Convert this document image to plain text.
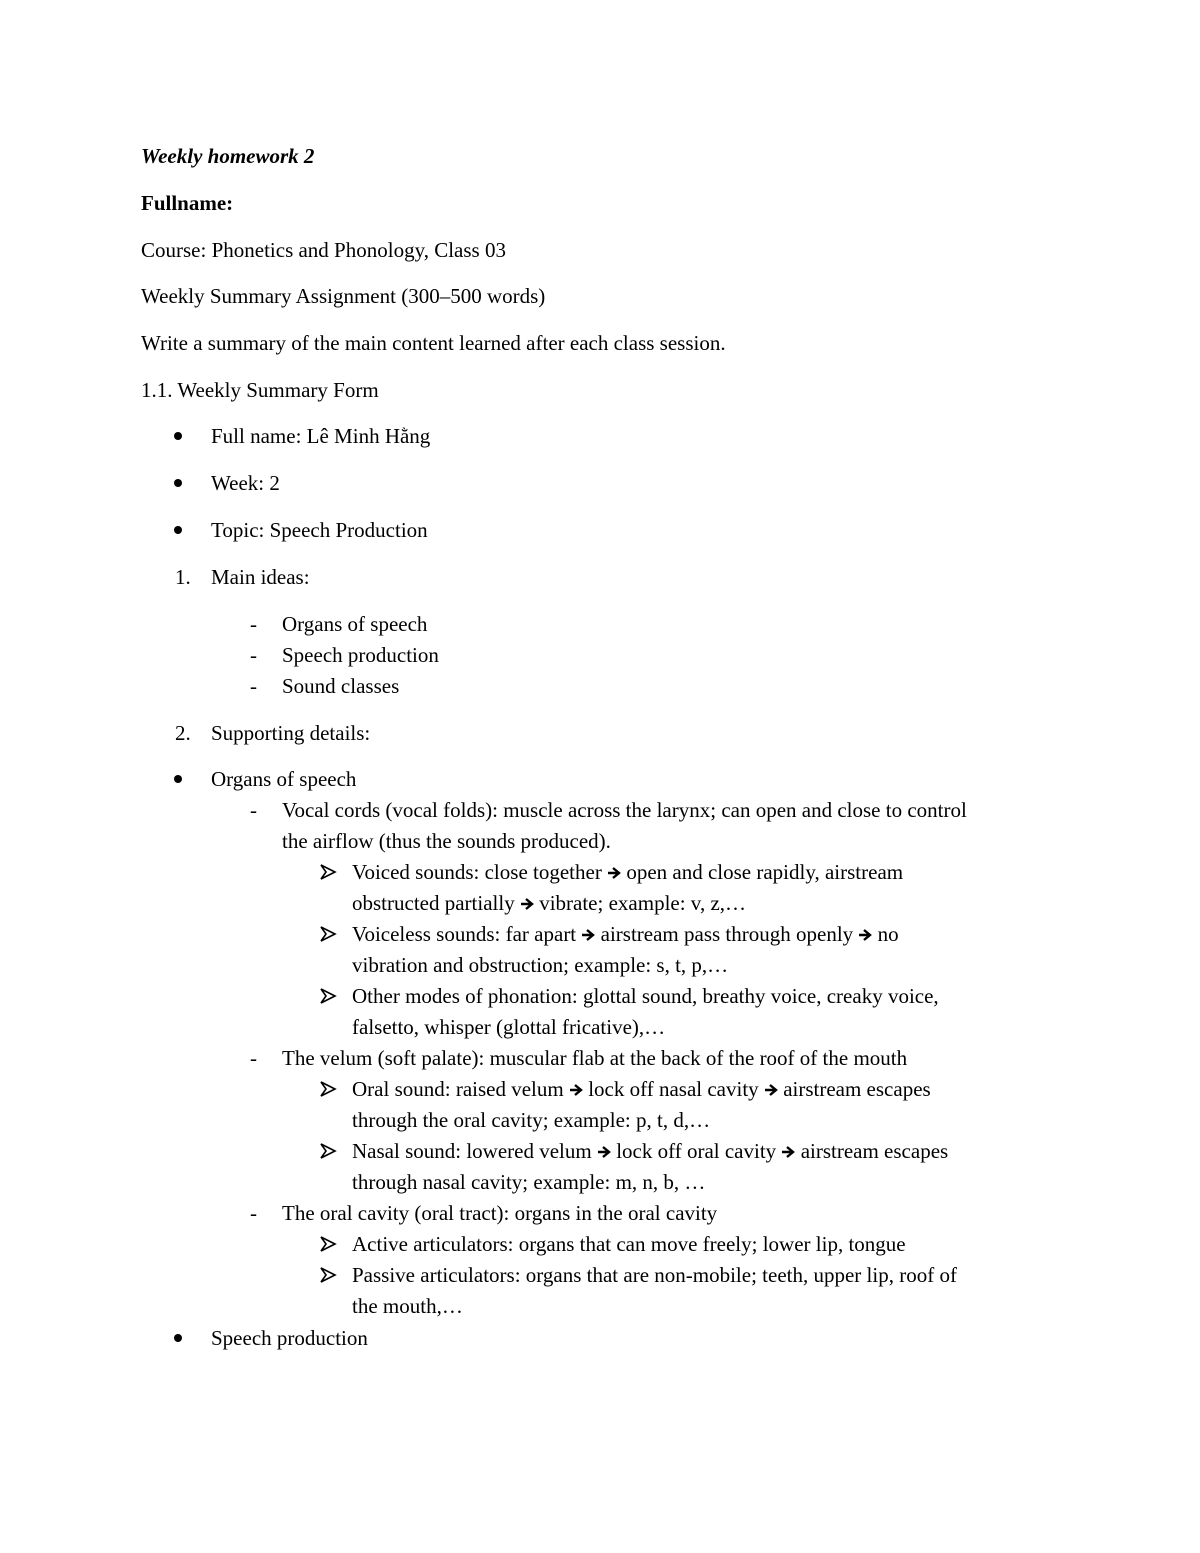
Weekly homework 2
Fullname:
Course: Phonetics and Phonology, Class 03
Weekly Summary Assignment (300–500 words)
Write a summary of the main content learned after each class session.
1.1. Weekly Summary Form
Full name: Lê Minh Hằng
Week: 2
Topic: Speech Production
1. Main ideas:
- Organs of speech
- Speech production
- Sound classes
2. Supporting details:
Organs of speech
- Vocal cords (vocal folds): muscle across the larynx; can open and close to control
the airflow (thus the sounds produced).
Voiced sounds: close together open and close rapidly, airstream
obstructed partially vibrate; example: v, z,…
Voiceless sounds: far apart airstream pass through openly no
vibration and obstruction; example: s, t, p,…
Other modes of phonation: glottal sound, breathy voice, creaky voice,
falsetto, whisper (glottal fricative),…
- The velum (soft palate): muscular flab at the back of the roof of the mouth
Oral sound: raised velum lock off nasal cavity airstream escapes
through the oral cavity; example: p, t, d,…
Nasal sound: lowered velum lock off oral cavity airstream escapes
through nasal cavity; example: m, n, b, …
- The oral cavity (oral tract): organs in the oral cavity
Active articulators: organs that can move freely; lower lip, tongue
Passive articulators: organs that are non-mobile; teeth, upper lip, roof of
the mouth,…
Speech production
